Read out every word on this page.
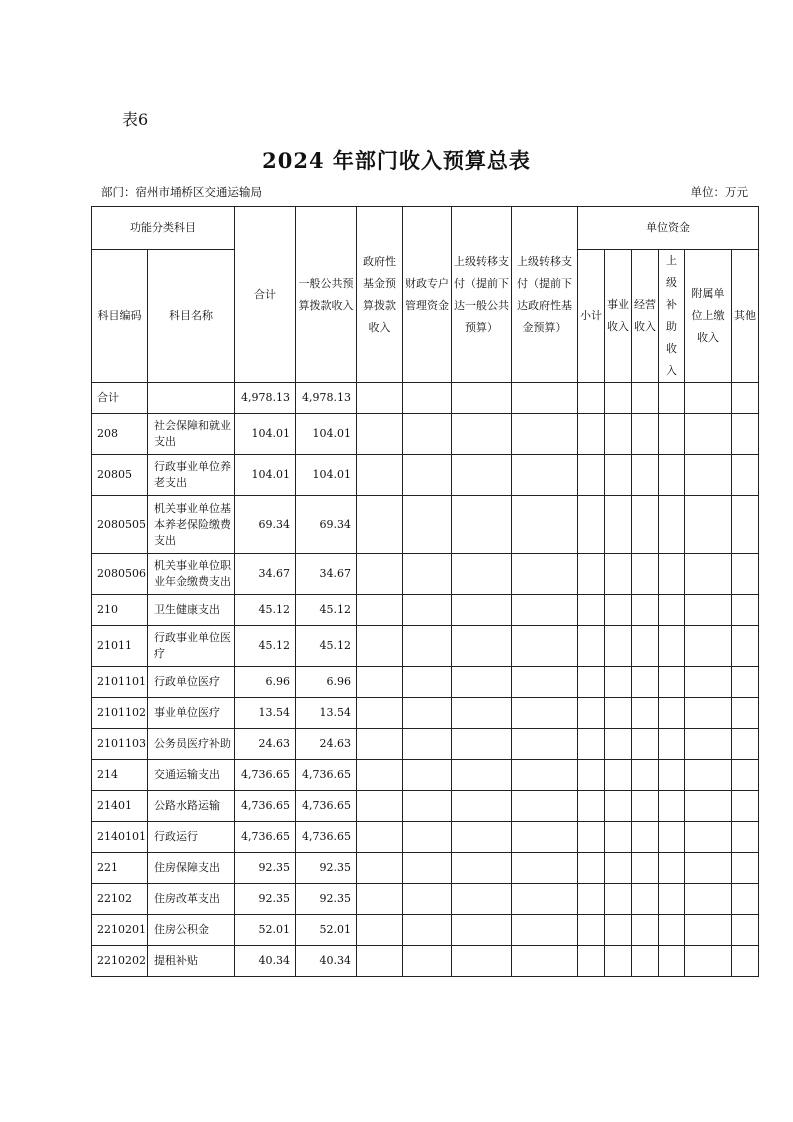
表6
2024 年部门收入预算总表
部门：宿州市埇桥区交通运输局	单位：万元
功能分类科目		合计	一般公共预算拨款收入	政府性基金预算拨款收入	财政专户管理资金	上级转移支付（提前下达一般公共预算）	上级转移支付（提前下达政府性基金预算）	单位资金					
科目编码	科目名称							小计	事业收入	经营收入	上级补助收入	附属单位上缴收入	其他
合计		4,978.13	4,978.13										
208	社会保障和就业支出	104.01	104.01										
20805	行政事业单位养老支出	104.01	104.01										
2080505	机关事业单位基本养老保险缴费支出	69.34	69.34										
2080506	机关事业单位职业年金缴费支出	34.67	34.67										
210	卫生健康支出	45.12	45.12										
21011	行政事业单位医疗	45.12	45.12										
2101101	行政单位医疗	6.96	6.96										
2101102	事业单位医疗	13.54	13.54										
2101103	公务员医疗补助	24.63	24.63										
214	交通运输支出	4,736.65	4,736.65										
21401	公路水路运输	4,736.65	4,736.65										
2140101	行政运行	4,736.65	4,736.65										
221	住房保障支出	92.35	92.35										
22102	住房改革支出	92.35	92.35										
2210201	住房公积金	52.01	52.01										
2210202	提租补贴	40.34	40.34										
